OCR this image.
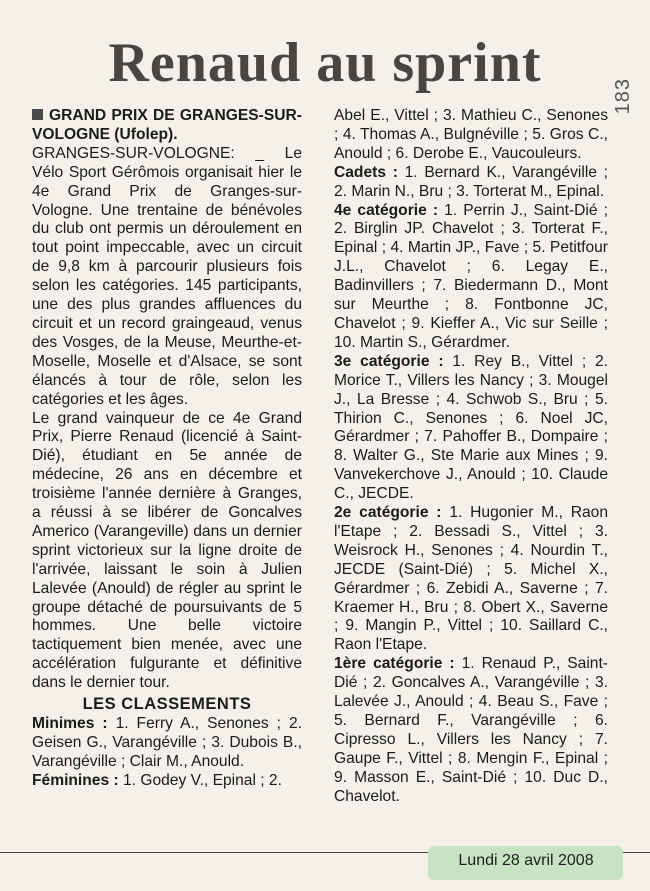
Renaud au sprint
183

GRAND PRIX DE GRANGES-SUR-VOLOGNE (Ufolep).

GRANGES-SUR-VOLOGNE: _ Le Vélo Sport Gérômois organisait hier le 4e Grand Prix de Granges-sur-Vologne. Une trentaine de bénévoles du club ont permis un déroulement en tout point impeccable, avec un circuit de 9,8 km à parcourir plusieurs fois selon les catégories. 145 participants, une des plus grandes affluences du circuit et un record graingeaud, venus des Vosges, de la Meuse, Meurthe-et-Moselle, Moselle et d'Alsace, se sont élancés à tour de rôle, selon les catégories et les âges.

Le grand vainqueur de ce 4e Grand Prix, Pierre Renaud (licencié à Saint-Dié), étudiant en 5e année de médecine, 26 ans en décembre et troisième l'année dernière à Granges, a réussi à se libérer de Goncalves Americo (Varangeville) dans un dernier sprint victorieux sur la ligne droite de l'arrivée, laissant le soin à Julien Lalevée (Anould) de régler au sprint le groupe détaché de poursuivants de 5 hommes. Une belle victoire tactiquement bien menée, avec une accélération fulgurante et définitive dans le dernier tour.

LES CLASSEMENTS

Minimes : 1. Ferry A., Senones ; 2. Geisen G., Varangéville ; 3. Dubois B., Varangéville ; Clair M., Anould.

Féminines : 1. Godey V., Epinal ; 2.

Abel E., Vittel ; 3. Mathieu C., Senones ; 4. Thomas A., Bulgnéville ; 5. Gros C., Anould ; 6. Derobe E., Vaucouleurs.

Cadets : 1. Bernard K., Varangéville ; 2. Marin N., Bru ; 3. Torterat M., Epinal.

4e catégorie : 1. Perrin J., Saint-Dié ; 2. Birglin JP. Chavelot ; 3. Torterat F., Epinal ; 4. Martin JP., Fave ; 5. Petitfour J.L., Chavelot ; 6. Legay E., Badinvillers ; 7. Biedermann D., Mont sur Meurthe ; 8. Fontbonne JC, Chavelot ; 9. Kieffer A., Vic sur Seille ; 10. Martin S., Gérardmer.

3e catégorie : 1. Rey B., Vittel ; 2. Morice T., Villers les Nancy ; 3. Mougel J., La Bresse ; 4. Schwob S., Bru ; 5. Thirion C., Senones ; 6. Noel JC, Gérardmer ; 7. Pahoffer B., Dompaire ; 8. Walter G., Ste Marie aux Mines ; 9. Vanvekerchove J., Anould ; 10. Claude C., JECDE.

2e catégorie : 1. Hugonier M., Raon l'Etape ; 2. Bessadi S., Vittel ; 3. Weisrock H., Senones ; 4. Nourdin T., JECDE (Saint-Dié) ; 5. Michel X., Gérardmer ; 6. Zebidi A., Saverne ; 7. Kraemer H., Bru ; 8. Obert X., Saverne ; 9. Mangin P., Vittel ; 10. Saillard C., Raon l'Etape.

1ère catégorie : 1. Renaud P., Saint-Dié ; 2. Goncalves A., Varangéville ; 3. Lalevée J., Anould ; 4. Beau S., Fave ; 5. Bernard F., Varangéville ; 6. Cipresso L., Villers les Nancy ; 7. Gaupe F., Vittel ; 8. Mengin F., Epinal ; 9. Masson E., Saint-Dié ; 10. Duc D., Chavelot.

Lundi 28 avril 2008
